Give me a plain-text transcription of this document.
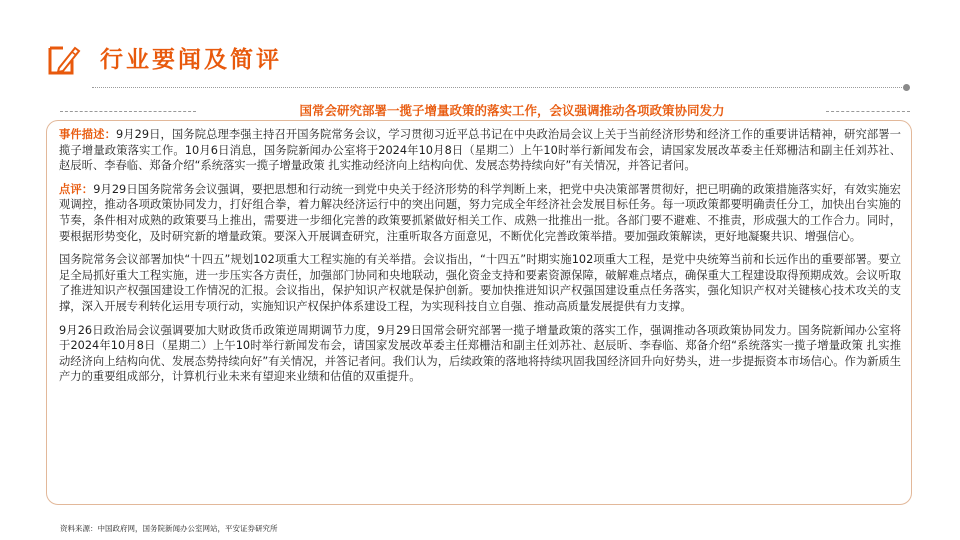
行业要闻及简评
国常会研究部署一揽子增量政策的落实工作，会议强调推动各项政策协同发力

事件描述：9月29日，国务院总理李强主持召开国务院常务会议，学习贯彻习近平总书记在中央政治局会议上关于当前经济形势和经济工作的重要讲话精神，研究部署一揽子增量政策落实工作。10月6日消息，国务院新闻办公室将于2024年10月8日（星期二）上午10时举行新闻发布会，请国家发展改革委主任郑栅洁和副主任刘苏社、赵辰昕、李春临、郑备介绍“系统落实一揽子增量政策 扎实推动经济向上结构向优、发展态势持续向好”有关情况，并答记者问。

点评：9月29日国务院常务会议强调，要把思想和行动统一到党中央关于经济形势的科学判断上来，把党中央决策部署贯彻好，把已明确的政策措施落实好，有效实施宏观调控，推动各项政策协同发力，打好组合拳，着力解决经济运行中的突出问题，努力完成全年经济社会发展目标任务。每一项政策都要明确责任分工，加快出台实施的节奏，条件相对成熟的政策要马上推出，需要进一步细化完善的政策要抓紧做好相关工作、成熟一批推出一批。各部门要不避难、不推责，形成强大的工作合力。同时，要根据形势变化，及时研究新的增量政策。要深入开展调查研究，注重听取各方面意见，不断优化完善政策举措。要加强政策解读，更好地凝聚共识、增强信心。

国务院常务会议部署加快“十四五”规划102项重大工程实施的有关举措。会议指出，“十四五”时期实施102项重大工程，是党中央统筹当前和长远作出的重要部署。要立足全局抓好重大工程实施，进一步压实各方责任，加强部门协同和央地联动，强化资金支持和要素资源保障，破解难点堵点，确保重大工程建设取得预期成效。会议听取了推进知识产权强国建设工作情况的汇报。会议指出，保护知识产权就是保护创新。要加快推进知识产权强国建设重点任务落实，强化知识产权对关键核心技术攻关的支撑，深入开展专利转化运用专项行动，实施知识产权保护体系建设工程，为实现科技自立自强、推动高质量发展提供有力支撑。

9月26日政治局会议强调要加大财政货币政策逆周期调节力度，9月29日国常会研究部署一揽子增量政策的落实工作，强调推动各项政策协同发力。国务院新闻办公室将于2024年10月8日（星期二）上午10时举行新闻发布会，请国家发展改革委主任郑栅洁和副主任刘苏社、赵辰昕、李春临、郑备介绍“系统落实一揽子增量政策 扎实推动经济向上结构向优、发展态势持续向好”有关情况，并答记者问。我们认为，后续政策的落地将持续巩固我国经济回升向好势头，进一步提振资本市场信心。作为新质生产力的重要组成部分，计算机行业未来有望迎来业绩和估值的双重提升。

资料来源：中国政府网，国务院新闻办公室网站，平安证券研究所
